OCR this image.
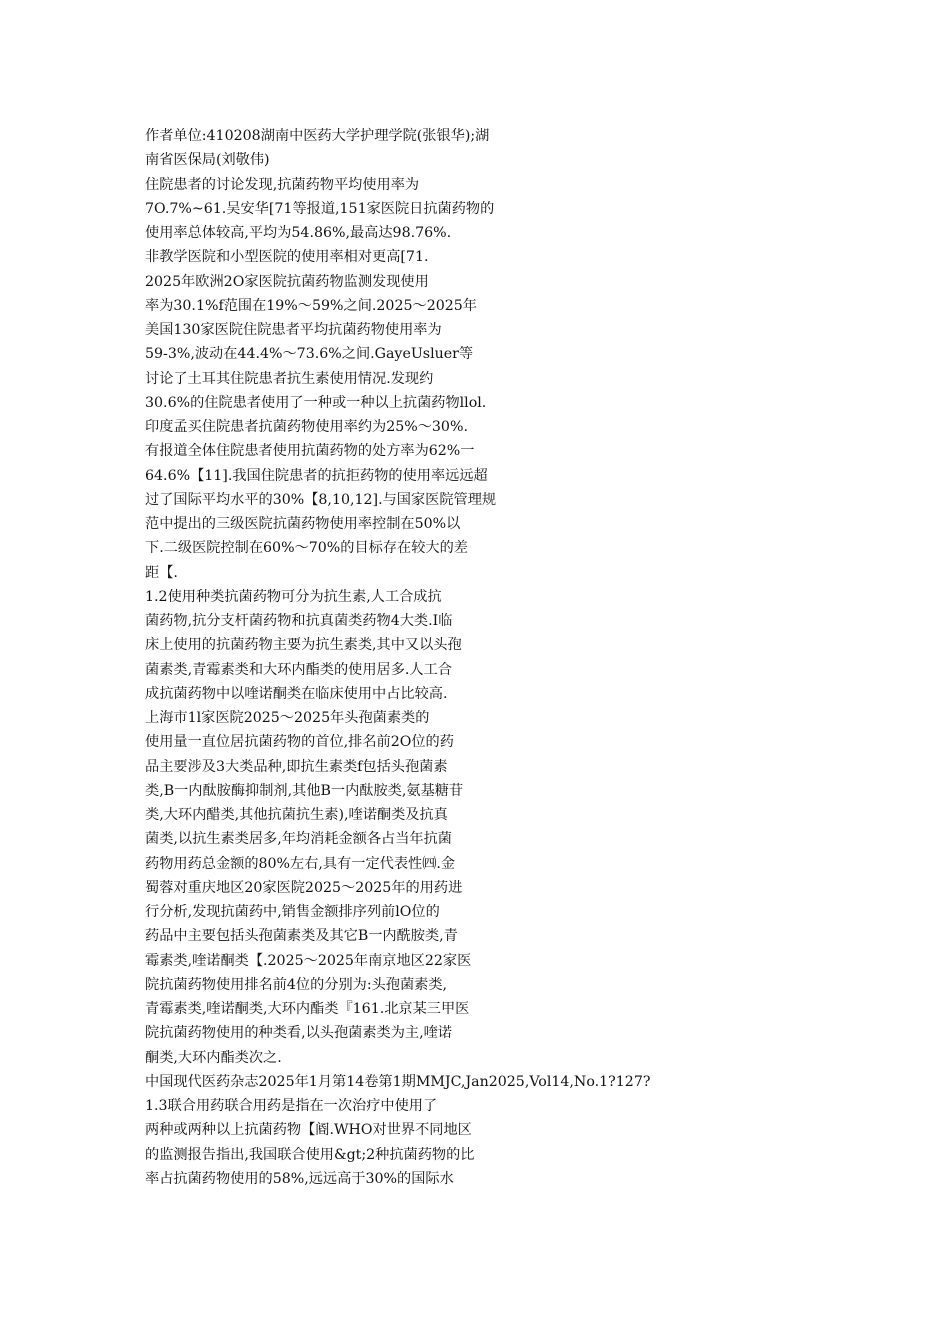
作者单位:410208湖南中医药大学护理学院(张银华);湖
南省医保局(刘敬伟)
住院患者的讨论发现,抗菌药物平均使用率为
7O.7%~61.吴安华[71等报道,151家医院日抗菌药物的
使用率总体较高,平均为54.86%,最高达98.76%.
非教学医院和小型医院的使用率相对更高[71.
2025年欧洲2O家医院抗菌药物监测发现使用
率为30.1%f范围在19%～59%之间.2025～2025年
美国130家医院住院患者平均抗菌药物使用率为
59-3%,波动在44.4%～73.6%之间.GayeUsluer等
讨论了土耳其住院患者抗生素使用情况.发现约
30.6%的住院患者使用了一种或一种以上抗菌药物llol.
印度孟买住院患者抗菌药物使用率约为25%～30%.
有报道全体住院患者使用抗菌药物的处方率为62%一
64.6%【11].我国住院患者的抗拒药物的使用率远远超
过了国际平均水平的30%【8,10,12].与国家医院管理规
范中提出的三级医院抗菌药物使用率控制在50%以
下.二级医院控制在60%～70%的目标存在较大的差
距【.
1.2使用种类抗菌药物可分为抗生素,人工合成抗
菌药物,抗分支杆菌药物和抗真菌类药物4大类.I临
床上使用的抗菌药物主要为抗生素类,其中又以头孢
菌素类,青霉素类和大环内酯类的使用居多.人工合
成抗菌药物中以喹诺酮类在临床使用中占比较高.
上海市1l家医院2025～2025年头孢菌素类的
使用量一直位居抗菌药物的首位,排名前2O位的药
品主要涉及3大类品种,即抗生素类f包括头孢菌素
类,B一内酞胺酶抑制剂,其他B一内酞胺类,氨基糖苷
类,大环内醋类,其他抗菌抗生素),喹诺酮类及抗真
菌类,以抗生素类居多,年均消耗金额各占当年抗菌
药物用药总金额的80%左右,具有一定代表性㈣.金
蜀蓉对重庆地区20家医院2025～2025年的用药进
行分析,发现抗菌药中,销售金额排序列前lO位的
药品中主要包括头孢菌素类及其它B一内酰胺类,青
霉素类,喹诺酮类【.2025～2025年南京地区22家医
院抗菌药物使用排名前4位的分别为:头孢菌素类,
青霉素类,喹诺酮类,大环内酯类『161.北京某三甲医
院抗菌药物使用的种类看,以头孢菌素类为主,喹诺
酮类,大环内酯类次之.
中国现代医药杂志2025年1月第14卷第1期MMJC,Jan2025,Vol14,No.1?127?
1.3联合用药联合用药是指在一次治疗中使用了
两种或两种以上抗菌药物【阍.WHO对世界不同地区
的监测报告指出,我国联合使用&gt;2种抗菌药物的比
率占抗菌药物使用的58%,远远高于30%的国际水
